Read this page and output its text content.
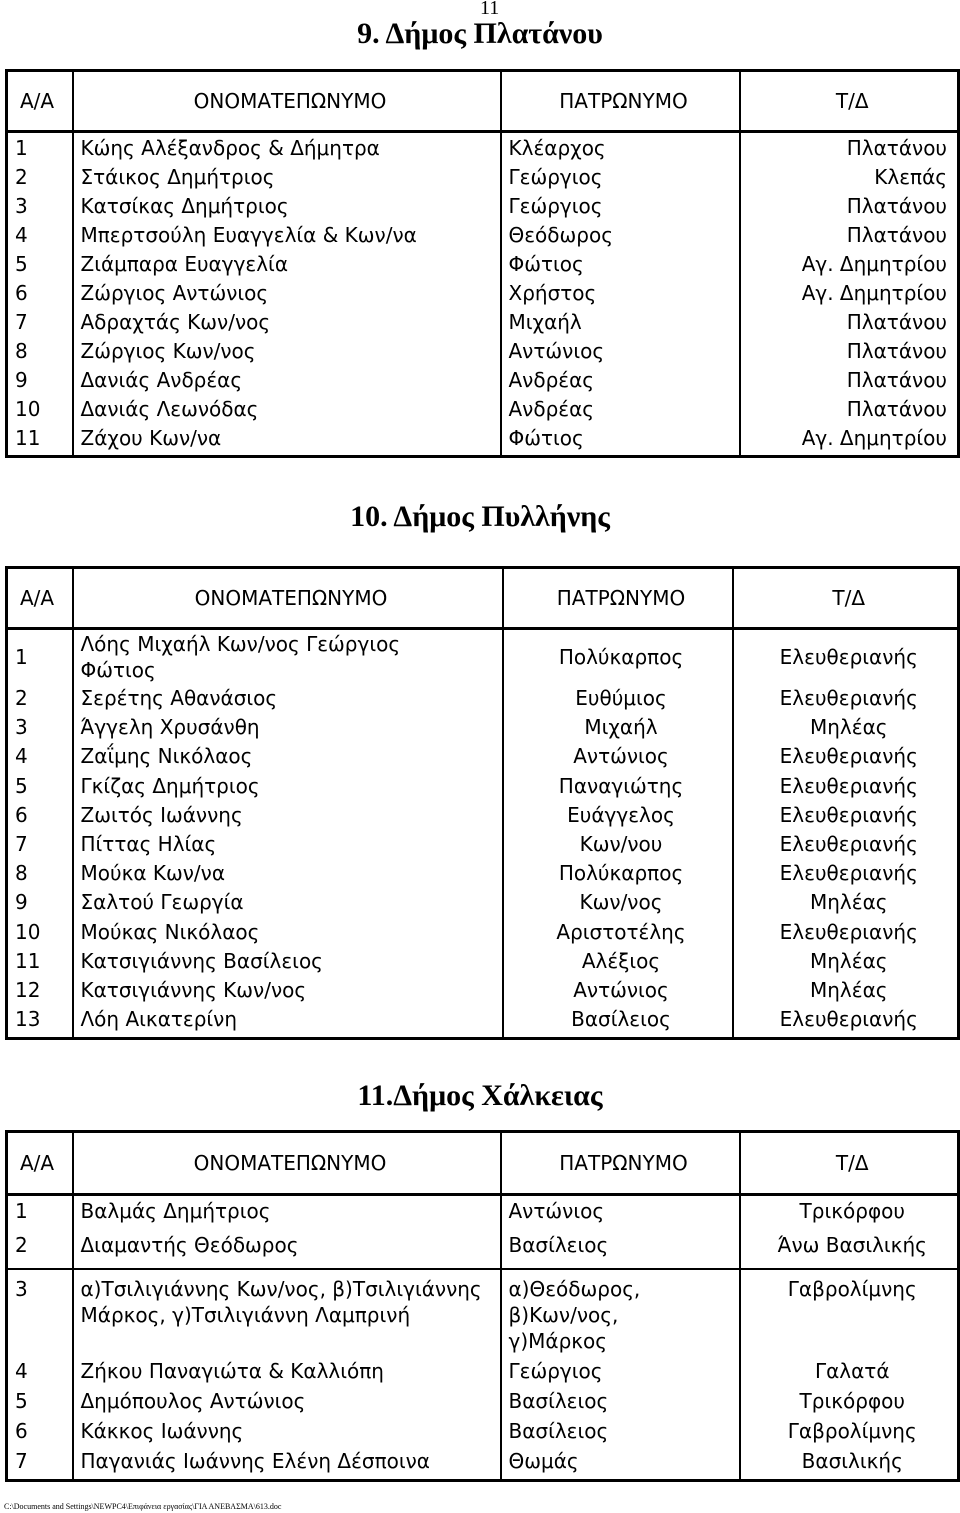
11
9. Δήμος Πλατάνου
Α/Α	ΟΝΟΜΑΤΕΠΩΝΥΜΟ	ΠΑΤΡΩΝΥΜΟ	Τ/Δ
1	Κώης Αλέξανδρος & Δήμητρα	Κλέαρχος	Πλατάνου
2	Στάικος Δημήτριος	Γεώργιος	Κλεπάς
3	Κατσίκας Δημήτριος	Γεώργιος	Πλατάνου
4	Μπερτσούλη Ευαγγελία & Κων/να	Θεόδωρος	Πλατάνου
5	Ζιάμπαρα Ευαγγελία	Φώτιος	Αγ. Δημητρίου
6	Ζώργιος Αντώνιος	Χρήστος	Αγ. Δημητρίου
7	Αδραχτάς Κων/νος	Μιχαήλ	Πλατάνου
8	Ζώργιος Κων/νος	Αντώνιος	Πλατάνου
9	Δανιάς Ανδρέας	Ανδρέας	Πλατάνου
10	Δανιάς Λεωνόδας	Ανδρέας	Πλατάνου
11	Ζάχου Κων/να	Φώτιος	Αγ. Δημητρίου
10. Δήμος Πυλλήνης
Α/Α	ΟΝΟΜΑΤΕΠΩΝΥΜΟ	ΠΑΤΡΩΝΥΜΟ	Τ/Δ
1	Λόης Μιχαήλ Κων/νος Γεώργιος Φώτιος	Πολύκαρπος	Ελευθεριανής
2	Σερέτης Αθανάσιος	Ευθύμιος	Ελευθεριανής
3	Άγγελη Χρυσάνθη	Μιχαήλ	Μηλέας
4	Ζαΐμης Νικόλαος	Αντώνιος	Ελευθεριανής
5	Γκίζας Δημήτριος	Παναγιώτης	Ελευθεριανής
6	Ζωιτός Ιωάννης	Ευάγγελος	Ελευθεριανής
7	Πίττας Ηλίας	Κων/νου	Ελευθεριανής
8	Μούκα Κων/να	Πολύκαρπος	Ελευθεριανής
9	Σαλτού Γεωργία	Κων/νος	Μηλέας
10	Μούκας Νικόλαος	Αριστοτέλης	Ελευθεριανής
11	Κατσιγιάννης Βασίλειος	Αλέξιος	Μηλέας
12	Κατσιγιάννης Κων/νος	Αντώνιος	Μηλέας
13	Λόη Αικατερίνη	Βασίλειος	Ελευθεριανής
11.Δήμος Χάλκειας
Α/Α	ΟΝΟΜΑΤΕΠΩΝΥΜΟ	ΠΑΤΡΩΝΥΜΟ	Τ/Δ
1	Βαλμάς Δημήτριος	Αντώνιος	Τρικόρφου
2	Διαμαντής Θεόδωρος	Βασίλειος	Άνω Βασιλικής
3	α)Τσιλιγιάννης Κων/νος, β)Τσιλιγιάννης Μάρκος, γ)Τσιλιγιάννη Λαμπρινή	α)Θεόδωρος, β)Κων/νος, γ)Μάρκος	Γαβρολίμνης
4	Ζήκου Παναγιώτα & Καλλιόπη	Γεώργιος	Γαλατά
5	Δημόπουλος Αντώνιος	Βασίλειος	Τρικόρφου
6	Κάκκος Ιωάννης	Βασίλειος	Γαβρολίμνης
7	Παγανιάς Ιωάννης Ελένη Δέσποινα	Θωμάς	Βασιλικής
C:\Documents and Settings\NEWPC4\Επιφάνεια εργασίας\ΓΙΑ ΑΝΕΒΑΣΜΑ\613.doc
